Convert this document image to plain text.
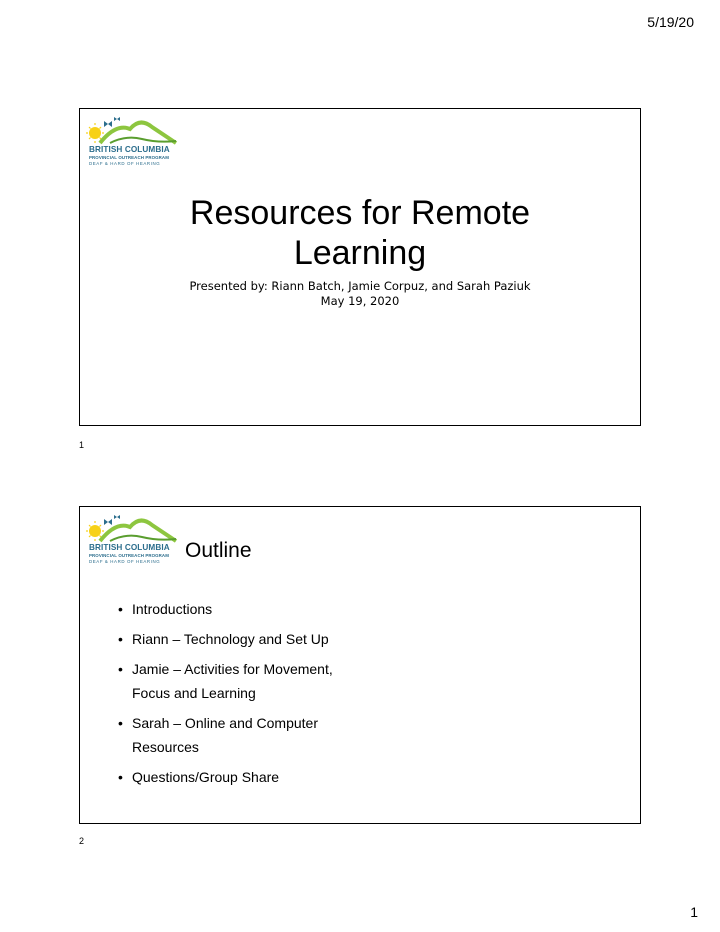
5/19/20
BRITISH COLUMBIA
PROVINCIAL OUTREACH PROGRAM
DEAF & HARD OF HEARING
Resources for Remote
Learning
Presented by: Riann Batch, Jamie Corpuz, and Sarah Paziuk
May 19, 2020
1
BRITISH COLUMBIA
PROVINCIAL OUTREACH PROGRAM
DEAF & HARD OF HEARING Outline
• Introductions
• Riann – Technology and Set Up
• Jamie – Activities for Movement,
Focus and Learning
• Sarah – Online and Computer
Resources
• Questions/Group Share
2
1
